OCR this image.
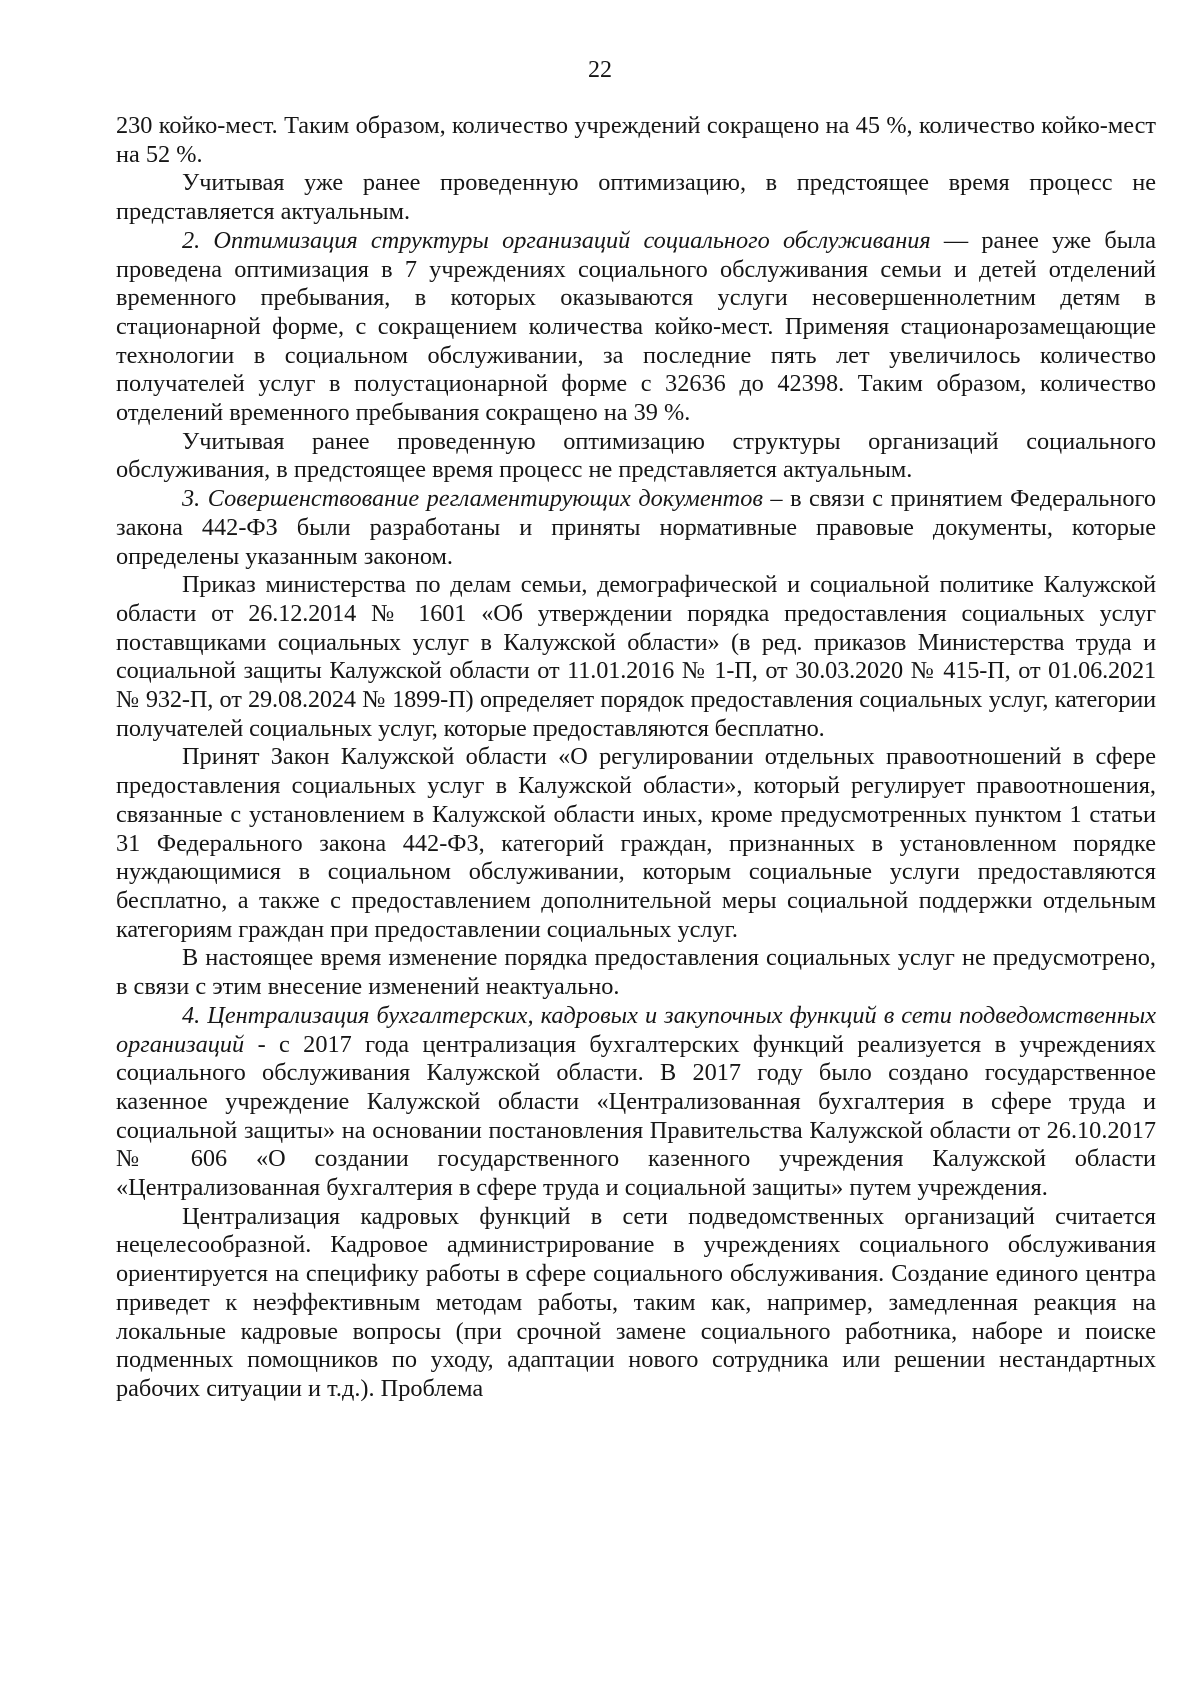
22

230 койко-мест. Таким образом, количество учреждений сокращено на 45 %, количество койко-мест на 52 %.

Учитывая уже ранее проведенную оптимизацию, в предстоящее время процесс не представляется актуальным.

2. Оптимизация структуры организаций социального обслуживания — ранее уже была проведена оптимизация в 7 учреждениях социального обслуживания семьи и детей отделений временного пребывания, в которых оказываются услуги несовершеннолетним детям в стационарной форме, с сокращением количества койко-мест. Применяя стационарозамещающие технологии в социальном обслуживании, за последние пять лет увеличилось количество получателей услуг в полустационарной форме с 32636 до 42398. Таким образом, количество отделений временного пребывания сокращено на 39 %.

Учитывая ранее проведенную оптимизацию структуры организаций социального обслуживания, в предстоящее время процесс не представляется актуальным.

3. Совершенствование регламентирующих документов – в связи с принятием Федерального закона 442-ФЗ были разработаны и приняты нормативные правовые документы, которые определены указанным законом.

Приказ министерства по делам семьи, демографической и социальной политике Калужской области от 26.12.2014 № 1601 «Об утверждении порядка предоставления социальных услуг поставщиками социальных услуг в Калужской области» (в ред. приказов Министерства труда и социальной защиты Калужской области от 11.01.2016 № 1-П, от 30.03.2020 № 415-П, от 01.06.2021 № 932-П, от 29.08.2024 № 1899-П) определяет порядок предоставления социальных услуг, категории получателей социальных услуг, которые предоставляются бесплатно.

Принят Закон Калужской области «О регулировании отдельных правоотношений в сфере предоставления социальных услуг в Калужской области», который регулирует правоотношения, связанные с установлением в Калужской области иных, кроме предусмотренных пунктом 1 статьи 31 Федерального закона 442-ФЗ, категорий граждан, признанных в установленном порядке нуждающимися в социальном обслуживании, которым социальные услуги предоставляются бесплатно, а также с предоставлением дополнительной меры социальной поддержки отдельным категориям граждан при предоставлении социальных услуг.

В настоящее время изменение порядка предоставления социальных услуг не предусмотрено, в связи с этим внесение изменений неактуально.

4. Централизация бухгалтерских, кадровых и закупочных функций в сети подведомственных организаций - с 2017 года централизация бухгалтерских функций реализуется в учреждениях социального обслуживания Калужской области. В 2017 году было создано государственное казенное учреждение Калужской области «Централизованная бухгалтерия в сфере труда и социальной защиты» на основании постановления Правительства Калужской области от 26.10.2017 № 606 «О создании государственного казенного учреждения Калужской области «Централизованная бухгалтерия в сфере труда и социальной защиты» путем учреждения.

Централизация кадровых функций в сети подведомственных организаций считается нецелесообразной. Кадровое администрирование в учреждениях социального обслуживания ориентируется на специфику работы в сфере социального обслуживания. Создание единого центра приведет к неэффективным методам работы, таким как, например, замедленная реакция на локальные кадровые вопросы (при срочной замене социального работника, наборе и поиске подменных помощников по уходу, адаптации нового сотрудника или решении нестандартных рабочих ситуации и т.д.). Проблема
